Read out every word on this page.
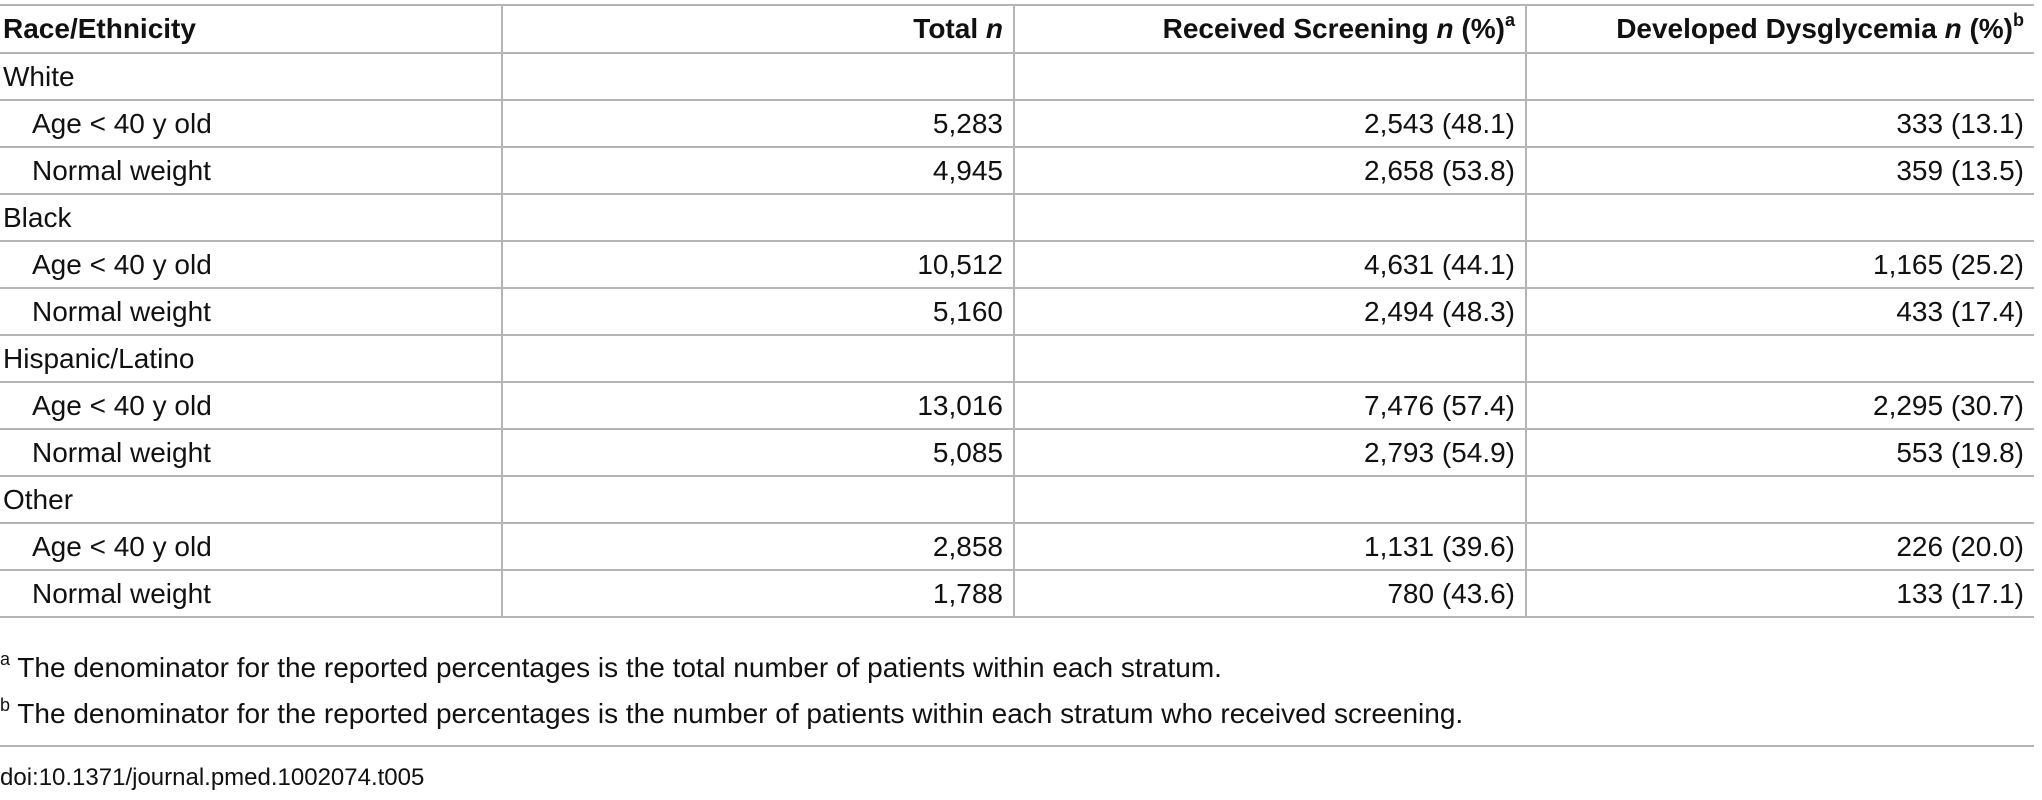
Race/Ethnicity	Total n	Received Screening n (%)$^a$	Developed Dysglycemia n (%)$^b$
White			
Age < 40 y old	5,283	2,543 (48.1)	333 (13.1)
Normal weight	4,945	2,658 (53.8)	359 (13.5)
Black			
Age < 40 y old	10,512	4,631 (44.1)	1,165 (25.2)
Normal weight	5,160	2,494 (48.3)	433 (17.4)
Hispanic/Latino			
Age < 40 y old	13,016	7,476 (57.4)	2,295 (30.7)
Normal weight	5,085	2,793 (54.9)	553 (19.8)
Other			
Age < 40 y old	2,858	1,131 (39.6)	226 (20.0)
Normal weight	1,788	780 (43.6)	133 (17.1)
$^a$ The denominator for the reported percentages is the total number of patients within each stratum.
$^b$ The denominator for the reported percentages is the number of patients within each stratum who received screening.
doi:10.1371/journal.pmed.1002074.t005
